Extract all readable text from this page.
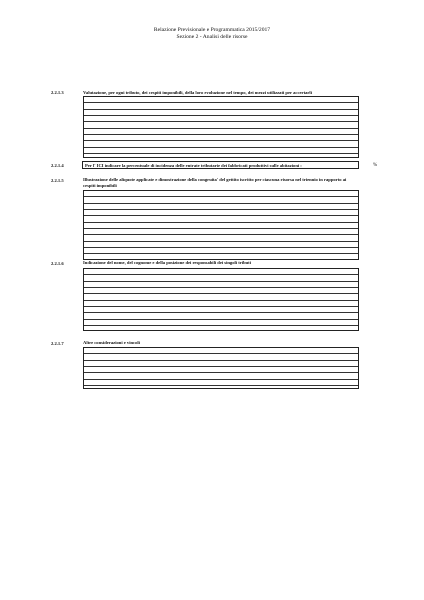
Relazione Previsionale e Programmatica 2015/2017
Sezione 2 - Analisi delle risorse
2.2.1.3	Valutazione, per ogni tributo, dei cespiti imponibili, della loro evoluzione nel tempo, dei mezzi utilizzati per accertarli
2.2.1.4	Per l' ICI indicare la percentuale di incidenza delle entrate tributarie dei fabbricati produttivi sulle abitazioni :	%
2.2.1.5	Illustrazione delle aliquote applicate e dimostrazione della congruita' del gettito iscritto per ciascuna risorsa nel triennio in rapporto ai cespiti imponibili
2.2.1.6	Indicazione del nome, del cognome e della posizione dei responsabili dei singoli tributi
2.2.1.7	Altre considerazioni e vincoli
